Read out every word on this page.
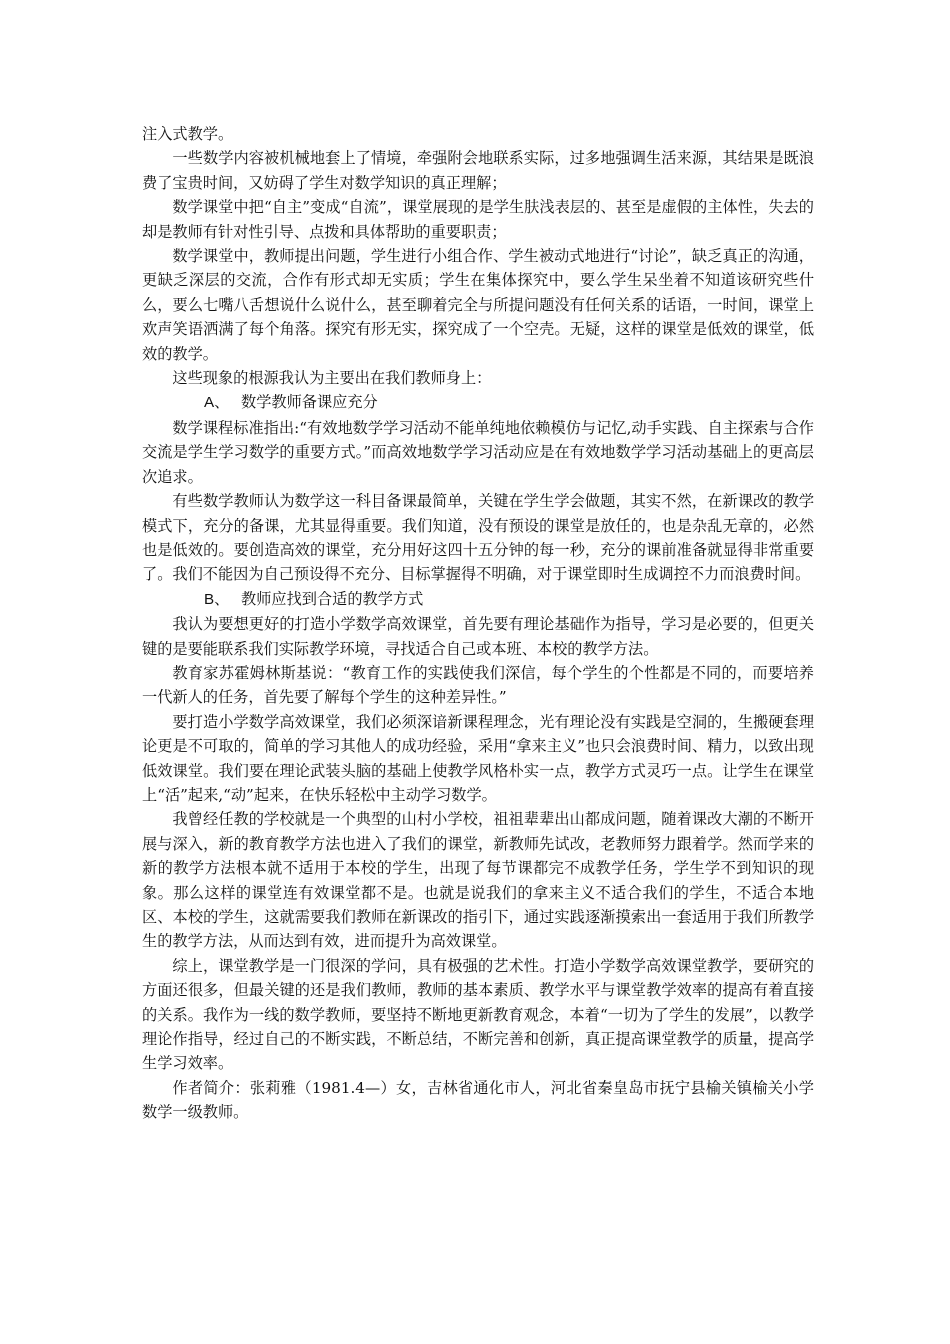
注入式教学。

一些数学内容被机械地套上了情境，牵强附会地联系实际，过多地强调生活来源，其结果是既浪费了宝贵时间，又妨碍了学生对数学知识的真正理解；

数学课堂中把“自主”变成“自流”，课堂展现的是学生肤浅表层的、甚至是虚假的主体性，失去的却是教师有针对性引导、点拨和具体帮助的重要职责；

数学课堂中，教师提出问题，学生进行小组合作、学生被动式地进行“讨论”，缺乏真正的沟通，更缺乏深层的交流，合作有形式却无实质；学生在集体探究中，要么学生呆坐着不知道该研究些什么，要么七嘴八舌想说什么说什么，甚至聊着完全与所提问题没有任何关系的话语，一时间，课堂上欢声笑语洒满了每个角落。探究有形无实，探究成了一个空壳。无疑，这样的课堂是低效的课堂，低效的教学。

这些现象的根源我认为主要出在我们教师身上：

A、 数学教师备课应充分

数学课程标准指出:“有效地数学学习活动不能单纯地依赖模仿与记忆,动手实践、自主探索与合作交流是学生学习数学的重要方式。”而高效地数学学习活动应是在有效地数学学习活动基础上的更高层次追求。

有些数学教师认为数学这一科目备课最简单，关键在学生学会做题，其实不然，在新课改的教学模式下，充分的备课，尤其显得重要。我们知道，没有预设的课堂是放任的，也是杂乱无章的，必然也是低效的。要创造高效的课堂，充分用好这四十五分钟的每一秒，充分的课前准备就显得非常重要了。我们不能因为自己预设得不充分、目标掌握得不明确，对于课堂即时生成调控不力而浪费时间。

B、 教师应找到合适的教学方式

我认为要想更好的打造小学数学高效课堂，首先要有理论基础作为指导，学习是必要的，但更关键的是要能联系我们实际教学环境，寻找适合自己或本班、本校的教学方法。

教育家苏霍姆林斯基说：“教育工作的实践使我们深信，每个学生的个性都是不同的，而要培养一代新人的任务，首先要了解每个学生的这种差异性。”

要打造小学数学高效课堂，我们必须深谙新课程理念，光有理论没有实践是空洞的，生搬硬套理论更是不可取的，简单的学习其他人的成功经验，采用“拿来主义”也只会浪费时间、精力，以致出现低效课堂。我们要在理论武装头脑的基础上使教学风格朴实一点，教学方式灵巧一点。让学生在课堂上“活”起来,“动”起来，在快乐轻松中主动学习数学。

我曾经任教的学校就是一个典型的山村小学校，祖祖辈辈出山都成问题，随着课改大潮的不断开展与深入，新的教育教学方法也进入了我们的课堂，新教师先试改，老教师努力跟着学。然而学来的新的教学方法根本就不适用于本校的学生，出现了每节课都完不成教学任务，学生学不到知识的现象。那么这样的课堂连有效课堂都不是。也就是说我们的拿来主义不适合我们的学生，不适合本地区、本校的学生，这就需要我们教师在新课改的指引下，通过实践逐渐摸索出一套适用于我们所教学生的教学方法，从而达到有效，进而提升为高效课堂。

综上，课堂教学是一门很深的学问，具有极强的艺术性。打造小学数学高效课堂教学，要研究的方面还很多，但最关键的还是我们教师，教师的基本素质、教学水平与课堂教学效率的提高有着直接的关系。我作为一线的数学教师，要坚持不断地更新教育观念，本着“一切为了学生的发展”，以教学理论作指导，经过自己的不断实践，不断总结，不断完善和创新，真正提高课堂教学的质量，提高学生学习效率。

作者简介：张莉雅（1981.4—）女，吉林省通化市人，河北省秦皇岛市抚宁县榆关镇榆关小学数学一级教师。
